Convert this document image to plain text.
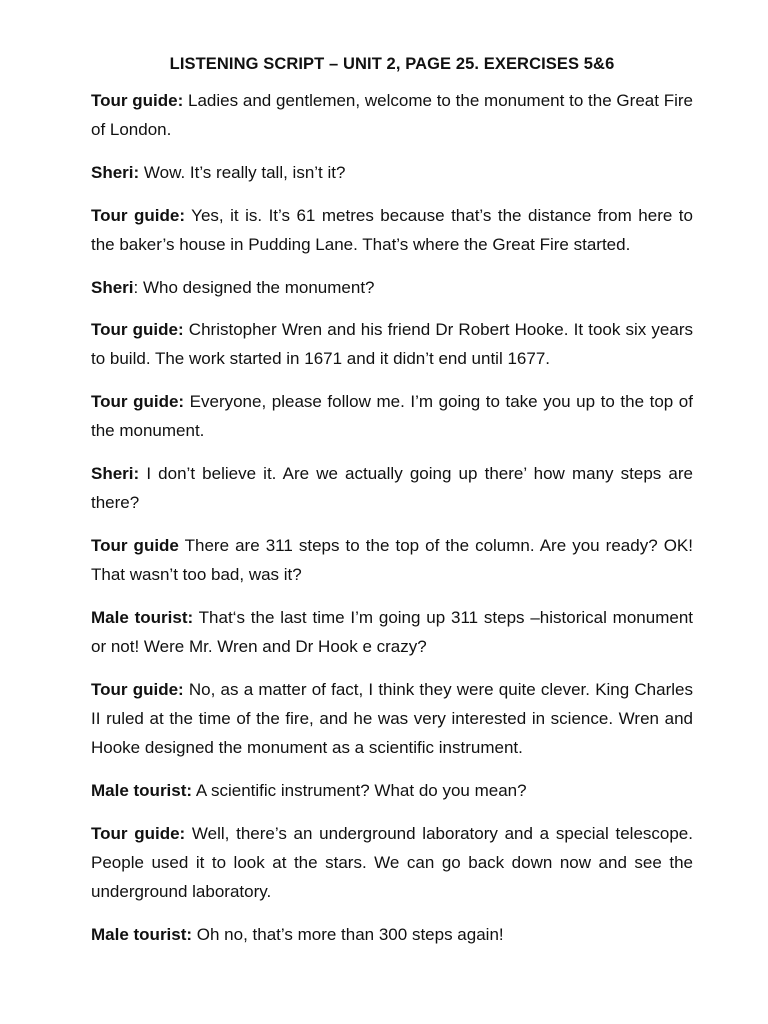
LISTENING SCRIPT – UNIT 2, PAGE 25. EXERCISES 5&6

Tour guide: Ladies and gentlemen, welcome to the monument to the Great Fire of London.

Sheri: Wow. It’s really tall, isn’t it?

Tour guide: Yes, it is. It’s 61 metres because that’s the distance from here to the baker’s house in Pudding Lane. That’s where the Great Fire started.

Sheri: Who designed the monument?

Tour guide: Christopher Wren and his friend Dr Robert Hooke. It took six years to build. The work started in 1671 and it didn’t end until 1677.

Tour guide: Everyone, please follow me. I’m going to take you up to the top of the monument.

Sheri: I don’t believe it. Are we actually going up there’ how many steps are there?

Tour guide There are 311 steps to the top of the column. Are you ready? OK! That wasn’t too bad, was it?

Male tourist: That‘s the last time I’m going up 311 steps –historical monument or not! Were Mr. Wren and Dr Hook e crazy?

Tour guide: No, as a matter of fact, I think they were quite clever. King Charles II ruled at the time of the fire, and he was very interested in science. Wren and Hooke designed the monument as a scientific instrument.

Male tourist: A scientific instrument? What do you mean?

Tour guide: Well, there’s an underground laboratory and a special telescope. People used it to look at the stars. We can go back down now and see the underground laboratory.

Male tourist: Oh no, that’s more than 300 steps again!
